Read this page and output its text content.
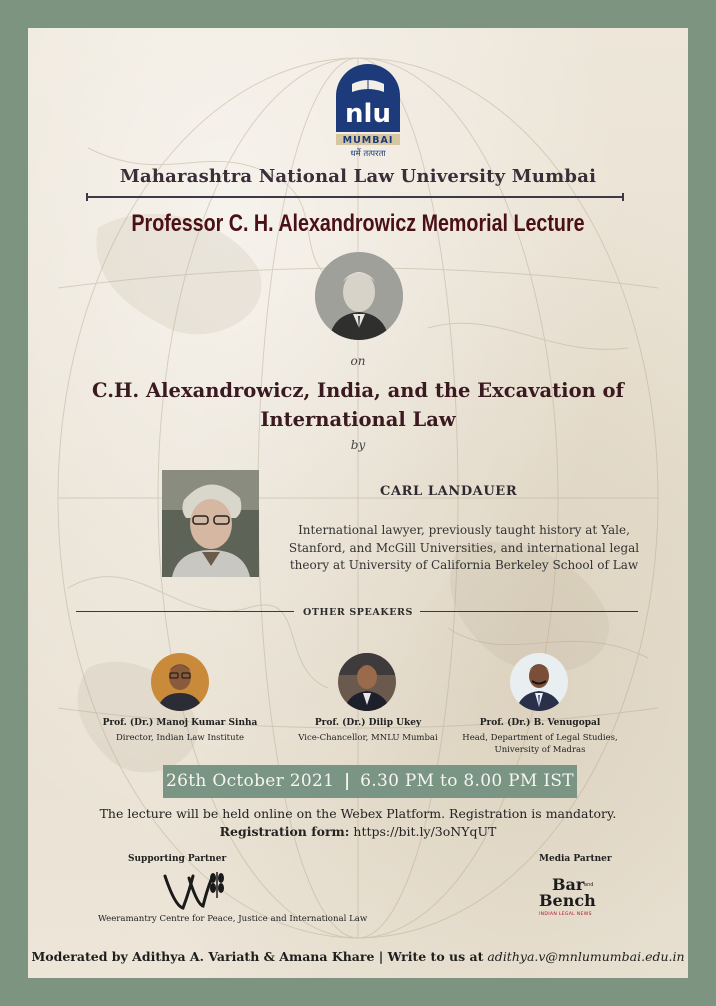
nlu
MUMBAI
धर्मे तत्परता
Maharashtra National Law University Mumbai
Professor C. H. Alexandrowicz Memorial Lecture
on
C.H. Alexandrowicz, India, and the Excavation of International Law
by
CARL LANDAUER
International lawyer, previously taught history at Yale, Stanford, and McGill Universities, and international legal theory at University of California Berkeley School of Law
OTHER SPEAKERS
Prof. (Dr.) Manoj Kumar Sinha
Director, Indian Law Institute
Prof. (Dr.) Dilip Ukey
Vice-Chancellor, MNLU Mumbai
Prof. (Dr.) B. Venugopal
Head, Department of Legal Studies,
University of Madras
26th October 2021 | 6.30 PM to 8.00 PM IST
The lecture will be held online on the Webex Platform. Registration is mandatory.
Registration form: https://bit.ly/3oNYqUT
Supporting Partner
Weeramantry Centre for Peace, Justice and International Law
Media Partner
Bar and
Bench
INDIAN LEGAL NEWS
Moderated by Adithya A. Variath & Amana Khare | Write to us at adithya.v@mnlumumbai.edu.in
